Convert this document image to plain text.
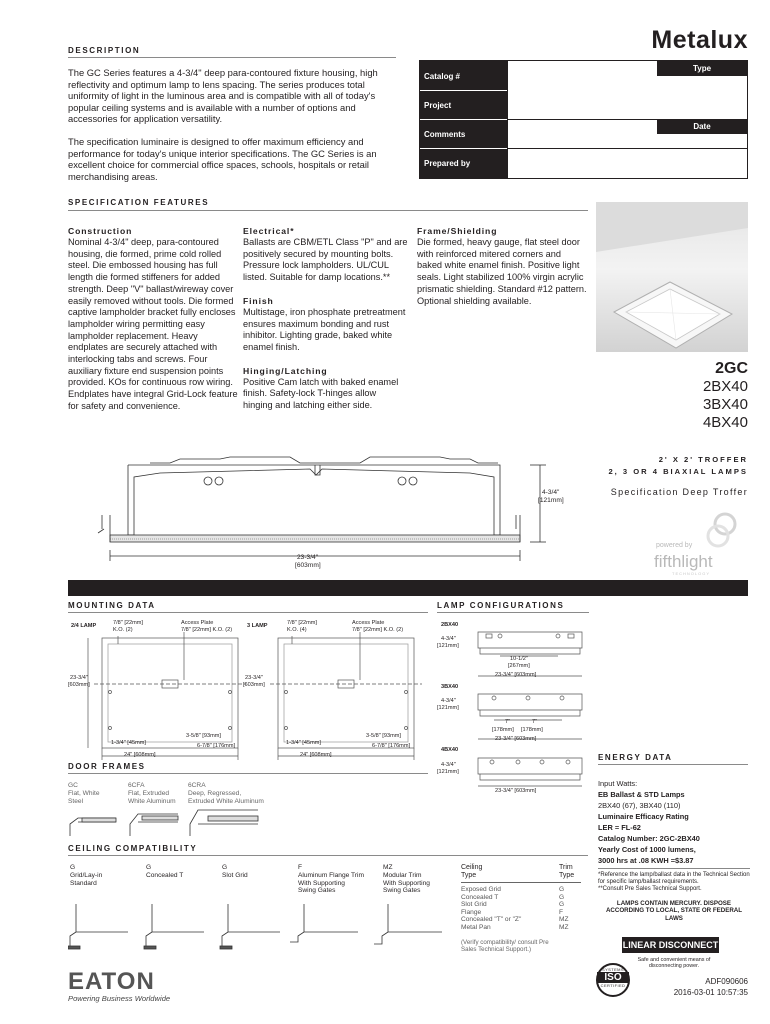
Metalux
DESCRIPTION
The GC Series features a 4-3/4" deep para-contoured fixture housing, high reflectivity and optimum lamp to lens spacing. The series produces total uniformity of light in the luminous area and is compatible with all of today's popular ceiling systems and is available with a number of options and accessories for application versatility.
The specification luminaire is designed to offer maximum efficiency and performance for today's unique interior specifications. The GC Series is an excellent choice for commercial office spaces, schools, hospitals or retail merchandising areas.
Catalog #
Project
Comments
Prepared by
Type
Date
SPECIFICATION FEATURES
Construction
Nominal 4-3/4" deep, para-contoured housing, die formed, prime cold rolled steel. Die embossed housing has full length die formed stiffeners for added strength. Deep "V" ballast/wireway cover easily removed without tools. Die formed captive lampholder bracket fully encloses lampholder wiring permitting easy lampholder replacement. Heavy endplates are securely attached with interlocking tabs and screws. Four auxiliary fixture end suspension points provided. KOs for continuous row wiring. Endplates have integral Grid-Lock feature for safety and convenience.
Electrical*
Ballasts are CBM/ETL Class "P" and are positively secured by mounting bolts. Pressure lock lampholders. UL/CUL listed. Suitable for damp locations.**
Finish
Multistage, iron phosphate pretreatment ensures maximum bonding and rust inhibitor. Lighting grade, baked white enamel finish.
Hinging/Latching
Positive Cam latch with baked enamel finish. Safety-lock T-hinges allow hinging and latching either side.
Frame/Shielding
Die formed, heavy gauge, flat steel door with reinforced mitered corners and baked white enamel finish. Positive light seals. Light stabilized 100% virgin acrylic prismatic shielding. Standard #12 pattern. Optional shielding available.
2GC
2BX40
3BX40
4BX40
2' X 2' TROFFER
2, 3 OR 4 BIAXIAL LAMPS
Specification Deep Troffer
powered by
fifthlight
TECHNOLOGY
4-3/4"
[121mm]
23-3/4"
[603mm]
MOUNTING DATA
2/4 LAMP	7/8" [22mm]
K.O. (2)
Access Plate
7/8" [22mm] K.O. (2)
3 LAMP	7/8" [22mm]
K.O. (4)
Access Plate
7/8" [22mm] K.O. (2)
23-3/4"
[603mm]
23-3/4"
[603mm]
3-5/8" [93mm]
6-7/8" [176mm]
1-3/4" [45mm]
24" [608mm]
3-5/8" [93mm]
6-7/8" [176mm]
1-3/4" [45mm]
24" [608mm]
DOOR FRAMES
GC
Flat, White
Steel
6CFA
Flat, Extruded
White Aluminum
6CRA
Deep, Regressed,
Extruded White Aluminum
CEILING COMPATIBILITY
G
Grid/Lay-in
Standard
G
Concealed T
G
Slot Grid
F
Aluminum Flange Trim
With Supporting
Swing Gates
MZ
Modular Trim
With Supporting
Swing Gates
Ceiling
Type
Trim
Type
Exposed Grid	G
Concealed T	G
Slot Grid	G
Flange	F
Concealed "T" or "Z"	MZ
Metal Pan	MZ
(Verify compatibility/ consult Pre Sales Technical Support.)
LAMP CONFIGURATIONS
2BX40
3BX40
4BX40
4-3/4"
[121mm]
10-1/2"
[267mm]
23-3/4" [603mm]
4-3/4"
[121mm]
7"	7"
[178mm] [178mm]
23-3/4" [603mm]
4-3/4"
[121mm]
23-3/4" [603mm]
ENERGY DATA
Input Watts:
EB Ballast & STD Lamps
2BX40 (67), 3BX40 (110)
Luminaire Efficacy Rating
LER = FL-62
Catalog Number: 2GC-2BX40
Yearly Cost of 1000 lumens,
3000 hrs at .08 KWH =$3.87
*Reference the lamp/ballast data in the Technical Section for specific lamp/ballast requirements.
**Consult Pre Sales Technical Support.
LAMPS CONTAIN MERCURY. DISPOSE ACCORDING TO LOCAL, STATE OR FEDERAL LAWS
LINEAR DISCONNECT
Safe and convenient means of disconnecting power.
SYSTEMS
ISO
CERTIFIED
EATON
Powering Business Worldwide
ADF090606
2016-03-01 10:57:35
